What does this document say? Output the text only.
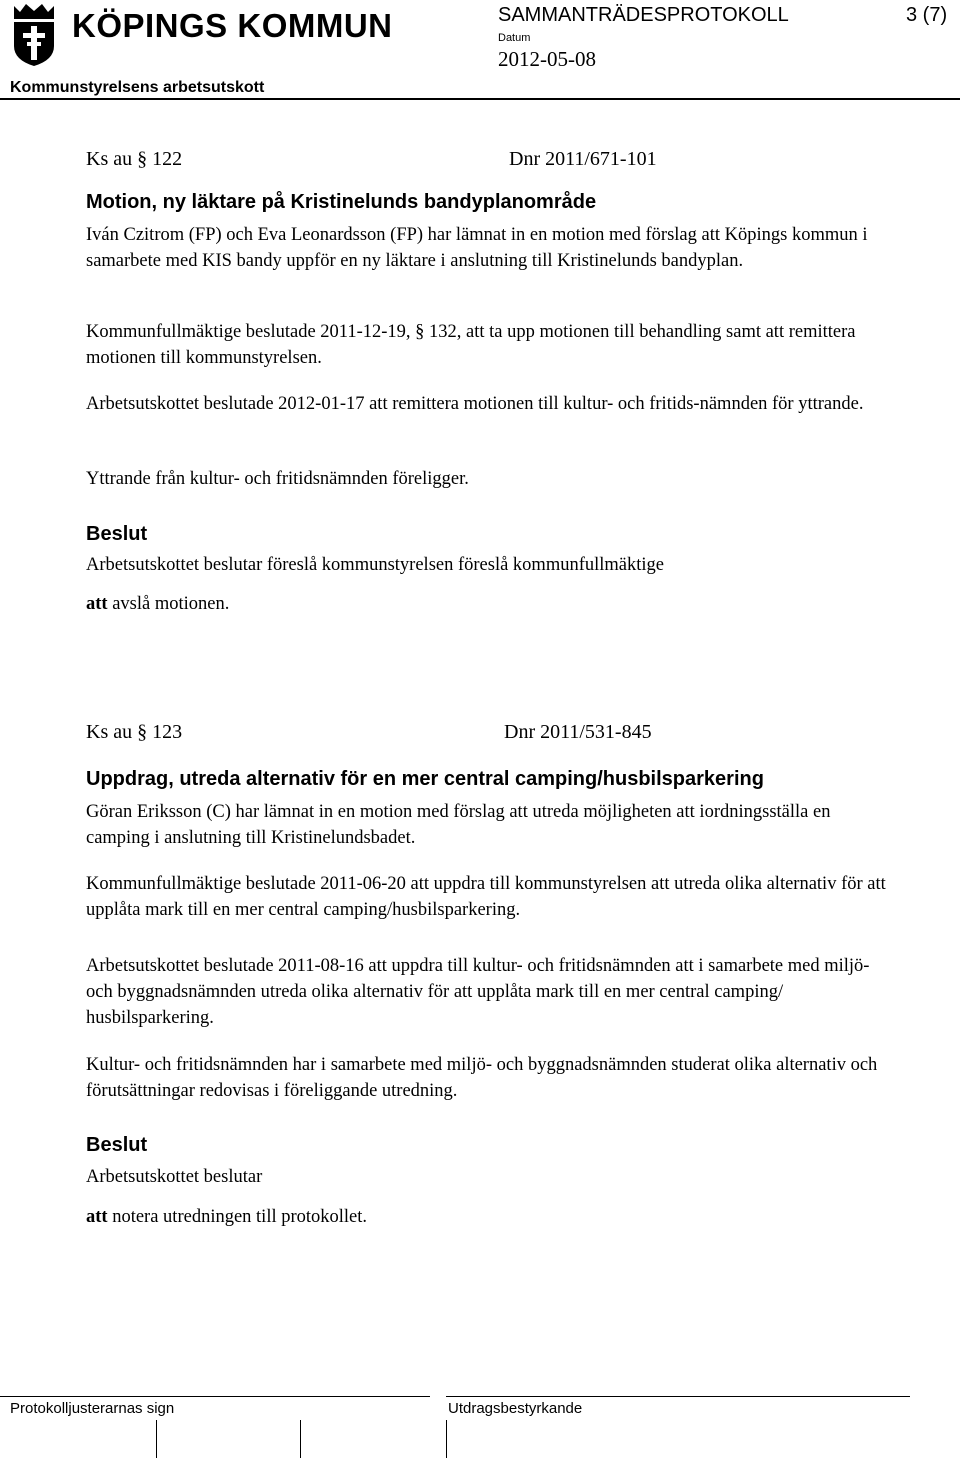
KÖPINGS KOMMUN	SAMMANTRÄDESPROTOKOLL	3 (7)
Datum
2012-05-08
Kommunstyrelsens arbetsutskott
Ks au § 122	Dnr 2011/671-101
Motion, ny läktare på Kristinelunds bandyplanområde
Iván Czitrom (FP) och Eva Leonardsson (FP) har lämnat in en motion med förslag att Köpings kommun i samarbete med KIS bandy uppför en ny läktare i anslutning till Kristinelunds bandyplan.
Kommunfullmäktige beslutade 2011-12-19, § 132, att ta upp motionen till behandling samt att remittera motionen till kommunstyrelsen.
Arbetsutskottet beslutade 2012-01-17 att remittera motionen till kultur- och fritids-nämnden för yttrande.
Yttrande från kultur- och fritidsnämnden föreligger.
Beslut
Arbetsutskottet beslutar föreslå kommunstyrelsen föreslå kommunfullmäktige
att avslå motionen.
Ks au § 123	Dnr 2011/531-845
Uppdrag, utreda alternativ för en mer central camping/husbilsparkering
Göran Eriksson (C) har lämnat in en motion med förslag att utreda möjligheten att iordningsställa en camping i anslutning till Kristinelundsbadet.
Kommunfullmäktige beslutade 2011-06-20 att uppdra till kommunstyrelsen att utreda olika alternativ för att upplåta mark till en mer central camping/husbilsparkering.
Arbetsutskottet beslutade 2011-08-16 att uppdra till kultur- och fritidsnämnden att i samarbete med miljö- och byggnadsnämnden utreda olika alternativ för att upplåta mark till en mer central camping/ husbilsparkering.
Kultur- och fritidsnämnden har i samarbete med miljö- och byggnadsnämnden studerat olika alternativ och förutsättningar redovisas i föreliggande utredning.
Beslut
Arbetsutskottet beslutar
att notera utredningen till protokollet.
Protokolljusterarnas sign	Utdragsbestyrkande
